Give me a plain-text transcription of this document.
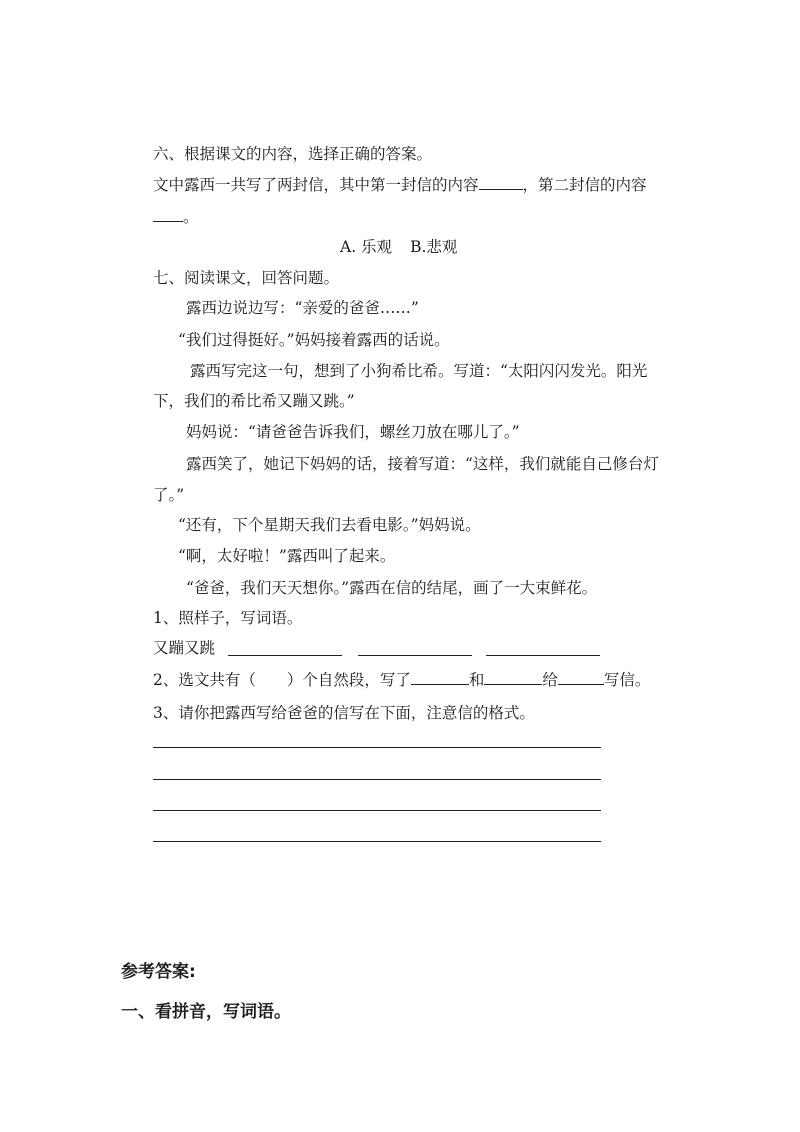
六、根据课文的内容，选择正确的答案。
文中露西一共写了两封信，其中第一封信的内容	，第二封信的内容
。
A. 乐观 B.悲观
七、阅读课文，回答问题。
露西边说边写：“亲爱的爸爸……”
“我们过得挺好。”妈妈接着露西的话说。
露西写完这一句，想到了小狗希比希。写道：“太阳闪闪发光。阳光
下，我们的希比希又蹦又跳。”
妈妈说：“请爸爸告诉我们，螺丝刀放在哪儿了。”
露西笑了，她记下妈妈的话，接着写道：“这样，我们就能自己修台灯
了。”
“还有，下个星期天我们去看电影。”妈妈说。
“啊，太好啦！”露西叫了起来。
“爸爸，我们天天想你。”露西在信的结尾，画了一大束鲜花。
1、照样子，写词语。
又蹦又跳
2、选文共有（　　）个自然段，写了	和	给	写信。
3、请你把露西写给爸爸的信写在下面，注意信的格式。
参考答案:
一、看拼音，写词语。
